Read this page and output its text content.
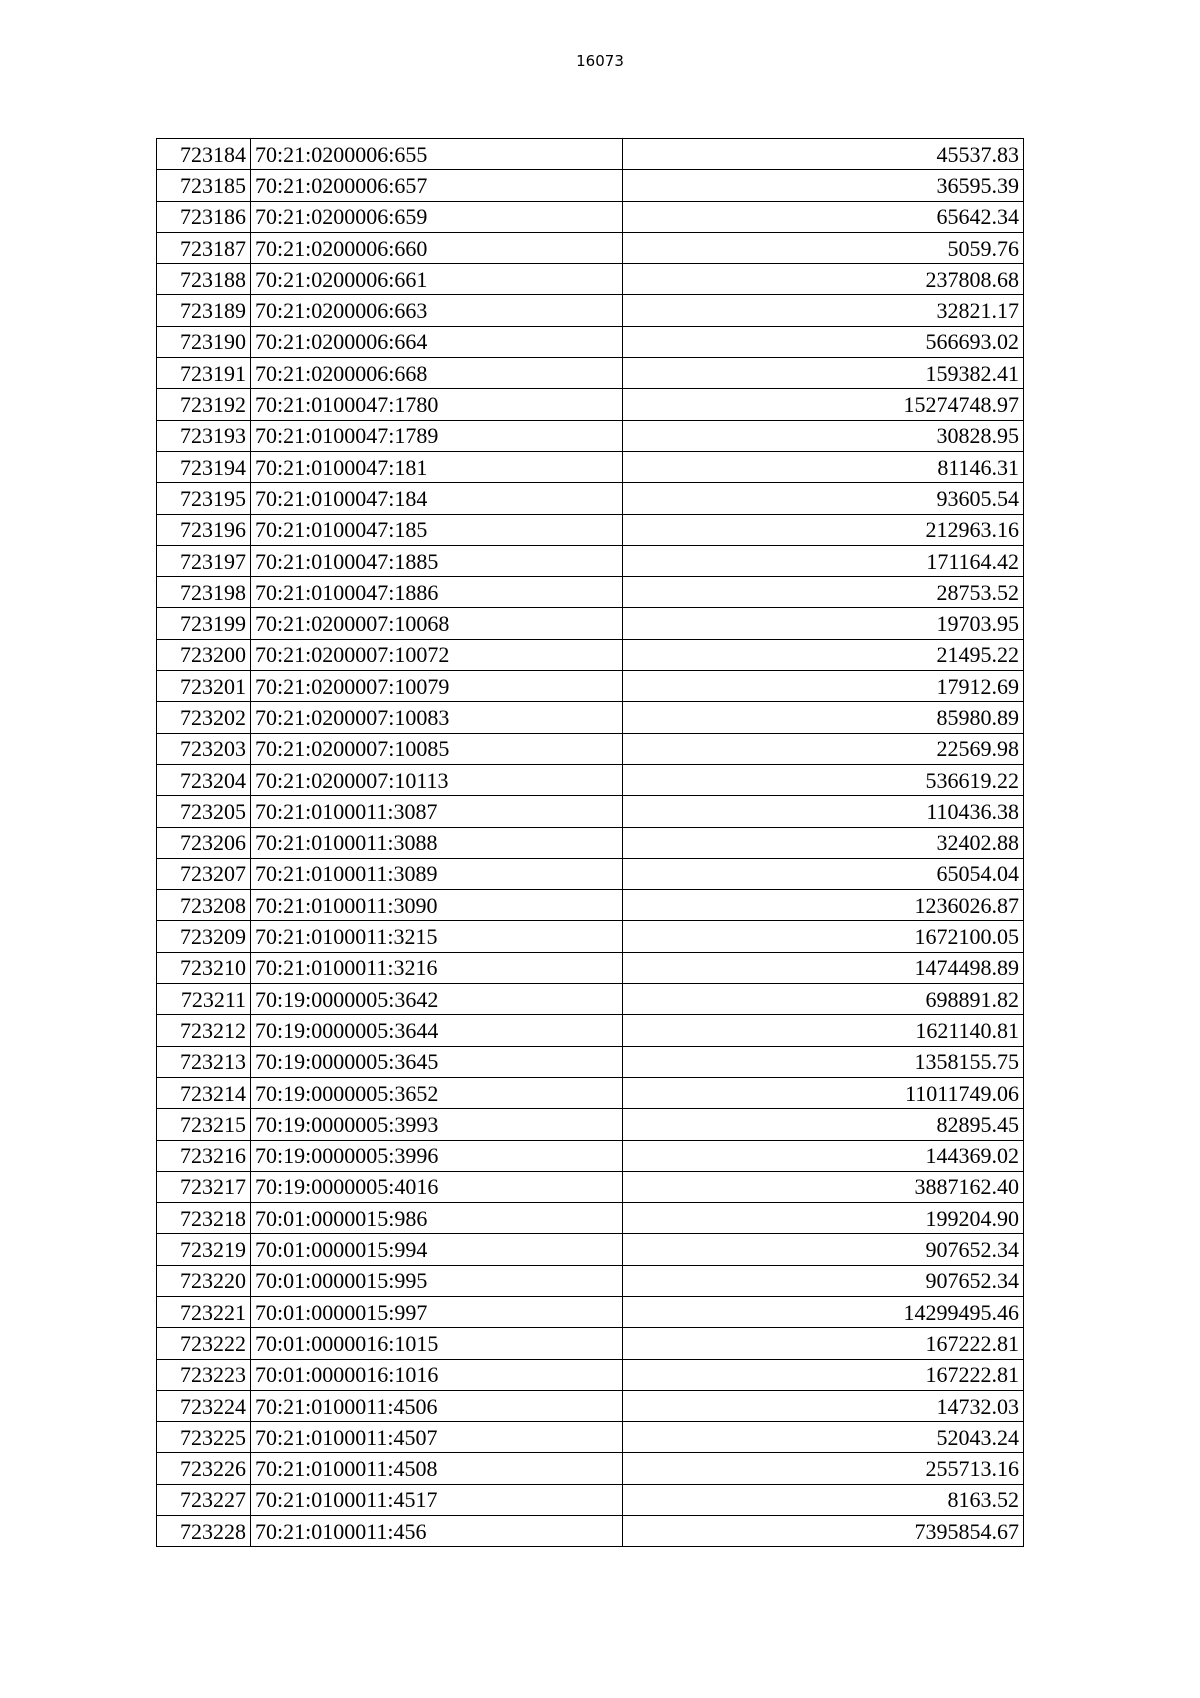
16073
723184	70:21:0200006:655	45537.83
723185	70:21:0200006:657	36595.39
723186	70:21:0200006:659	65642.34
723187	70:21:0200006:660	5059.76
723188	70:21:0200006:661	237808.68
723189	70:21:0200006:663	32821.17
723190	70:21:0200006:664	566693.02
723191	70:21:0200006:668	159382.41
723192	70:21:0100047:1780	15274748.97
723193	70:21:0100047:1789	30828.95
723194	70:21:0100047:181	81146.31
723195	70:21:0100047:184	93605.54
723196	70:21:0100047:185	212963.16
723197	70:21:0100047:1885	171164.42
723198	70:21:0100047:1886	28753.52
723199	70:21:0200007:10068	19703.95
723200	70:21:0200007:10072	21495.22
723201	70:21:0200007:10079	17912.69
723202	70:21:0200007:10083	85980.89
723203	70:21:0200007:10085	22569.98
723204	70:21:0200007:10113	536619.22
723205	70:21:0100011:3087	110436.38
723206	70:21:0100011:3088	32402.88
723207	70:21:0100011:3089	65054.04
723208	70:21:0100011:3090	1236026.87
723209	70:21:0100011:3215	1672100.05
723210	70:21:0100011:3216	1474498.89
723211	70:19:0000005:3642	698891.82
723212	70:19:0000005:3644	1621140.81
723213	70:19:0000005:3645	1358155.75
723214	70:19:0000005:3652	11011749.06
723215	70:19:0000005:3993	82895.45
723216	70:19:0000005:3996	144369.02
723217	70:19:0000005:4016	3887162.40
723218	70:01:0000015:986	199204.90
723219	70:01:0000015:994	907652.34
723220	70:01:0000015:995	907652.34
723221	70:01:0000015:997	14299495.46
723222	70:01:0000016:1015	167222.81
723223	70:01:0000016:1016	167222.81
723224	70:21:0100011:4506	14732.03
723225	70:21:0100011:4507	52043.24
723226	70:21:0100011:4508	255713.16
723227	70:21:0100011:4517	8163.52
723228	70:21:0100011:456	7395854.67
